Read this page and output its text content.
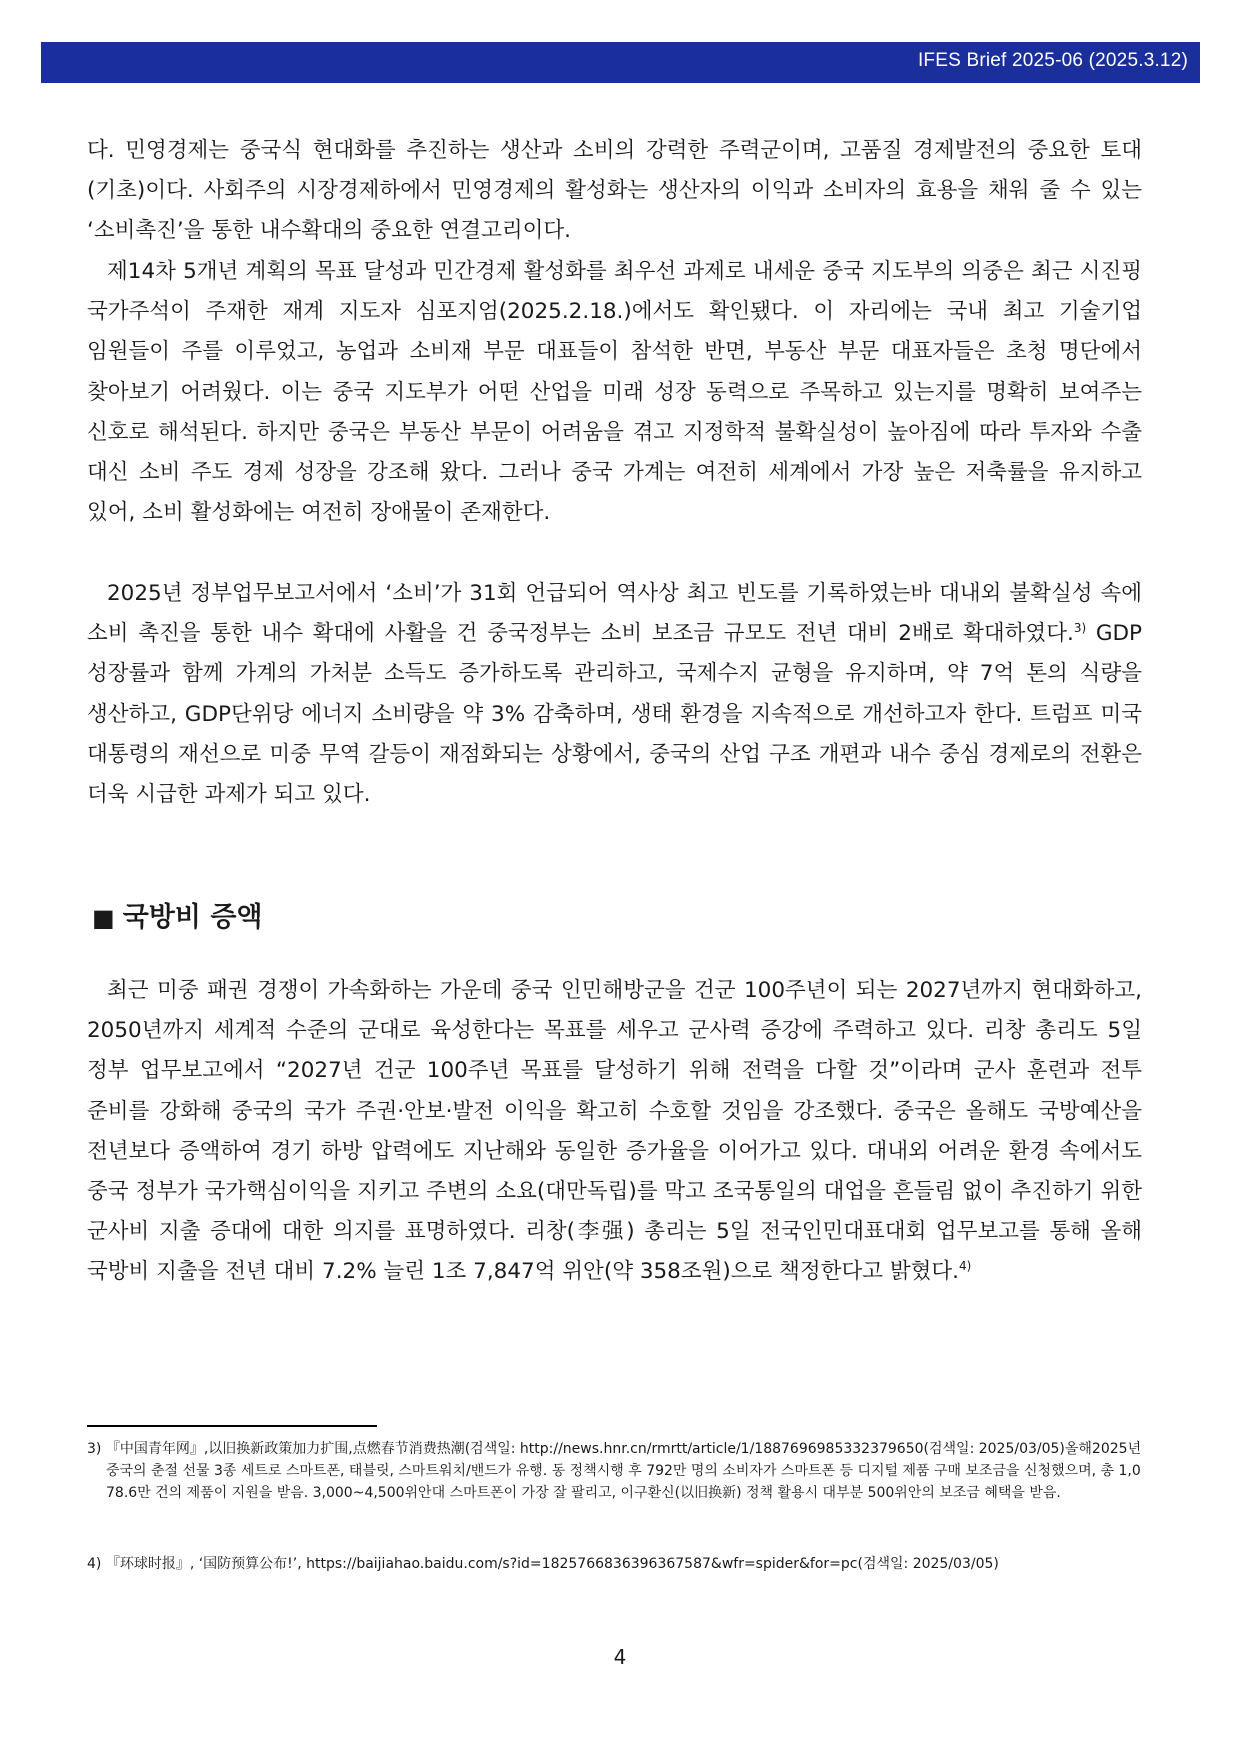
IFES Brief 2025-06 (2025.3.12)

다. 민영경제는 중국식 현대화를 추진하는 생산과 소비의 강력한 주력군이며, 고품질 경제발전의 중요한 토대(기초)이다. 사회주의 시장경제하에서 민영경제의 활성화는 생산자의 이익과 소비자의 효용을 채워 줄 수 있는 ‘소비촉진’을 통한 내수확대의 중요한 연결고리이다.

제14차 5개년 계획의 목표 달성과 민간경제 활성화를 최우선 과제로 내세운 중국 지도부의 의중은 최근 시진핑 국가주석이 주재한 재계 지도자 심포지엄(2025.2.18.)에서도 확인됐다. 이 자리에는 국내 최고 기술기업 임원들이 주를 이루었고, 농업과 소비재 부문 대표들이 참석한 반면, 부동산 부문 대표자들은 초청 명단에서 찾아보기 어려웠다. 이는 중국 지도부가 어떤 산업을 미래 성장 동력으로 주목하고 있는지를 명확히 보여주는 신호로 해석된다. 하지만 중국은 부동산 부문이 어려움을 겪고 지정학적 불확실성이 높아짐에 따라 투자와 수출 대신 소비 주도 경제 성장을 강조해 왔다. 그러나 중국 가계는 여전히 세계에서 가장 높은 저축률을 유지하고 있어, 소비 활성화에는 여전히 장애물이 존재한다.

2025년 정부업무보고서에서 ‘소비’가 31회 언급되어 역사상 최고 빈도를 기록하였는바 대내외 불확실성 속에 소비 촉진을 통한 내수 확대에 사활을 건 중국정부는 소비 보조금 규모도 전년 대비 2배로 확대하였다.$^{3)}$ GDP 성장률과 함께 가계의 가처분 소득도 증가하도록 관리하고, 국제수지 균형을 유지하며, 약 7억 톤의 식량을 생산하고, GDP단위당 에너지 소비량을 약 3% 감축하며, 생태 환경을 지속적으로 개선하고자 한다. 트럼프 미국 대통령의 재선으로 미중 무역 갈등이 재점화되는 상황에서, 중국의 산업 구조 개편과 내수 중심 경제로의 전환은 더욱 시급한 과제가 되고 있다.

■ 국방비 증액

최근 미중 패권 경쟁이 가속화하는 가운데 중국 인민해방군을 건군 100주년이 되는 2027년까지 현대화하고, 2050년까지 세계적 수준의 군대로 육성한다는 목표를 세우고 군사력 증강에 주력하고 있다. 리창 총리도 5일 정부 업무보고에서 “2027년 건군 100주년 목표를 달성하기 위해 전력을 다할 것”이라며 군사 훈련과 전투 준비를 강화해 중국의 국가 주권·안보·발전 이익을 확고히 수호할 것임을 강조했다. 중국은 올해도 국방예산을 전년보다 증액하여 경기 하방 압력에도 지난해와 동일한 증가율을 이어가고 있다. 대내외 어려운 환경 속에서도 중국 정부가 국가핵심이익을 지키고 주변의 소요(대만독립)를 막고 조국통일의 대업을 흔들림 없이 추진하기 위한 군사비 지출 증대에 대한 의지를 표명하였다. 리창(李强) 총리는 5일 전국인민대표대회 업무보고를 통해 올해 국방비 지출을 전년 대비 7.2% 늘린 1조 7,847억 위안(약 358조원)으로 책정한다고 밝혔다.$^{4)}$

3) 『中国青年网』,以旧换新政策加力扩围,点燃春节消费热潮(검색일: http://news.hnr.cn/rmrtt/article/1/1887696985332379650(검색일: 2025/03/05)올해2025년 중국의 춘절 선물 3종 세트로 스마트폰, 태블릿, 스마트워치/밴드가 유행. 동 정책시행 후 792만 명의 소비자가 스마트폰 등 디지털 제품 구매 보조금을 신청했으며, 총 1,078.6만 건의 제품이 지원을 받음. 3,000~4,500위안대 스마트폰이 가장 잘 팔리고, 이구환신(以旧换新) 정책 활용시 대부분 500위안의 보조금 혜택을 받음.

4) 『环球时报』, ‘国防预算公布!’, https://baijiahao.baidu.com/s?id=1825766836396367587&wfr=spider&for=pc(검색일: 2025/03/05)

4
